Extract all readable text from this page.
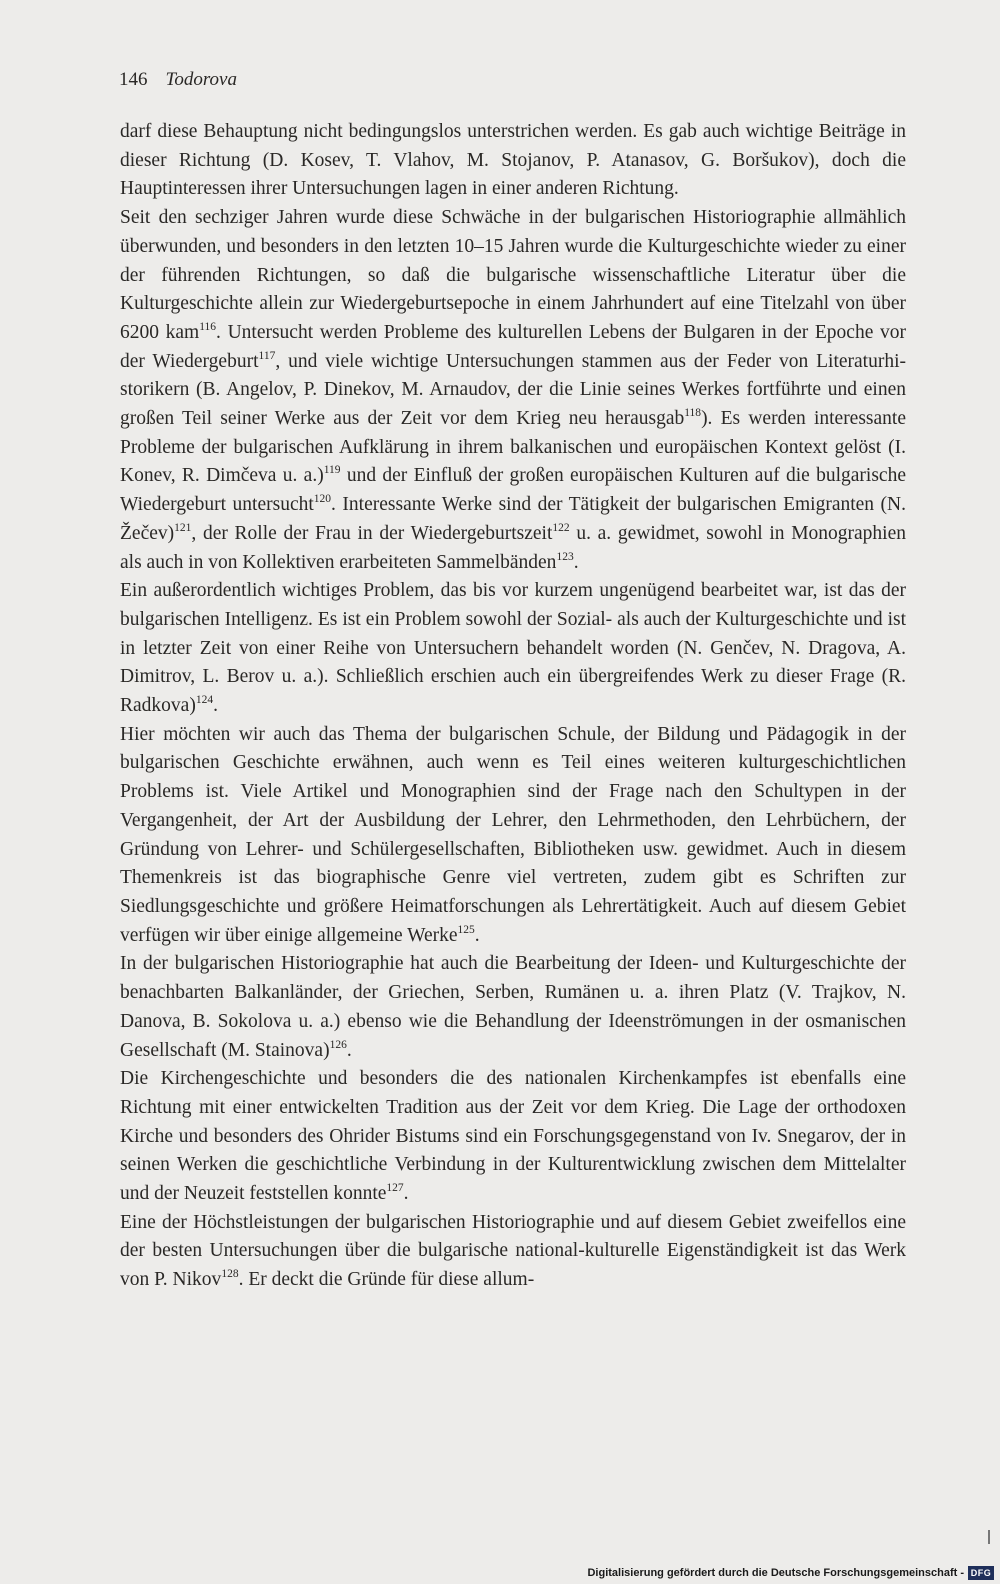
146 Todorova

darf diese Behauptung nicht bedingungslos unterstrichen werden. Es gab auch wichtige Beiträge in dieser Richtung (D. Kosev, T. Vlahov, M. Stojanov, P. Atanasov, G. Boršukov), doch die Hauptinteressen ihrer Untersuchungen lagen in einer anderen Richtung.

Seit den sechziger Jahren wurde diese Schwäche in der bulgarischen Historiographie allmählich überwunden, und besonders in den letzten 10–15 Jahren wurde die Kulturgeschichte wieder zu einer der führenden Richtungen, so daß die bulgarische wissenschaftliche Literatur über die Kulturgeschichte allein zur Wiedergeburtsepoche in einem Jahrhundert auf eine Titelzahl von über 6200 kam$^{116}$. Untersucht werden Probleme des kulturellen Lebens der Bulgaren in der Epoche vor der Wiedergeburt$^{117}$, und viele wichtige Untersuchungen stammen aus der Feder von Literaturhistorikern (B. Angelov, P. Dinekov, M. Arnaudov, der die Linie seines Werkes fortführte und einen großen Teil seiner Werke aus der Zeit vor dem Krieg neu herausgab$^{118}$). Es werden interessante Probleme der bulgarischen Aufklärung in ihrem balkanischen und europäischen Kontext gelöst (I. Konev, R. Dimčeva u. a.)$^{119}$ und der Einfluß der großen europäischen Kulturen auf die bulgarische Wiedergeburt untersucht$^{120}$. Interessante Werke sind der Tätigkeit der bulgarischen Emigranten (N. Žečev)$^{121}$, der Rolle der Frau in der Wiedergeburtszeit$^{122}$ u. a. gewidmet, sowohl in Monographien als auch in von Kollektiven erarbeiteten Sammelbänden$^{123}$.

Ein außerordentlich wichtiges Problem, das bis vor kurzem ungenügend bearbeitet war, ist das der bulgarischen Intelligenz. Es ist ein Problem sowohl der Sozial- als auch der Kulturgeschichte und ist in letzter Zeit von einer Reihe von Untersuchern behandelt worden (N. Genčev, N. Dragova, A. Dimitrov, L. Berov u. a.). Schließlich erschien auch ein übergreifendes Werk zu dieser Frage (R. Radkova)$^{124}$.

Hier möchten wir auch das Thema der bulgarischen Schule, der Bildung und Pädagogik in der bulgarischen Geschichte erwähnen, auch wenn es Teil eines weiteren kulturgeschichtlichen Problems ist. Viele Artikel und Monographien sind der Frage nach den Schultypen in der Vergangenheit, der Art der Ausbildung der Lehrer, den Lehrmethoden, den Lehrbüchern, der Gründung von Lehrer- und Schülergesellschaften, Bibliotheken usw. gewidmet. Auch in diesem Themenkreis ist das biographische Genre viel vertreten, zudem gibt es Schriften zur Siedlungsgeschichte und größere Heimatforschungen als Lehrertätigkeit. Auch auf diesem Gebiet verfügen wir über einige allgemeine Werke$^{125}$.

In der bulgarischen Historiographie hat auch die Bearbeitung der Ideen- und Kulturgeschichte der benachbarten Balkanländer, der Griechen, Serben, Rumänen u. a. ihren Platz (V. Trajkov, N. Danova, B. Sokolova u. a.) ebenso wie die Behandlung der Ideenströmungen in der osmanischen Gesellschaft (M. Stainova)$^{126}$.

Die Kirchengeschichte und besonders die des nationalen Kirchenkampfes ist ebenfalls eine Richtung mit einer entwickelten Tradition aus der Zeit vor dem Krieg. Die Lage der orthodoxen Kirche und besonders des Ohrider Bistums sind ein Forschungsgegenstand von Iv. Snegarov, der in seinen Werken die geschichtliche Verbindung in der Kulturentwicklung zwischen dem Mittelalter und der Neuzeit feststellen konnte$^{127}$.

Eine der Höchstleistungen der bulgarischen Historiographie und auf diesem Gebiet zweifellos eine der besten Untersuchungen über die bulgarische national-kulturelle Eigenständigkeit ist das Werk von P. Nikov$^{128}$. Er deckt die Gründe für diese allum-

Digitalisierung gefördert durch die Deutsche Forschungsgemeinschaft - DFG
